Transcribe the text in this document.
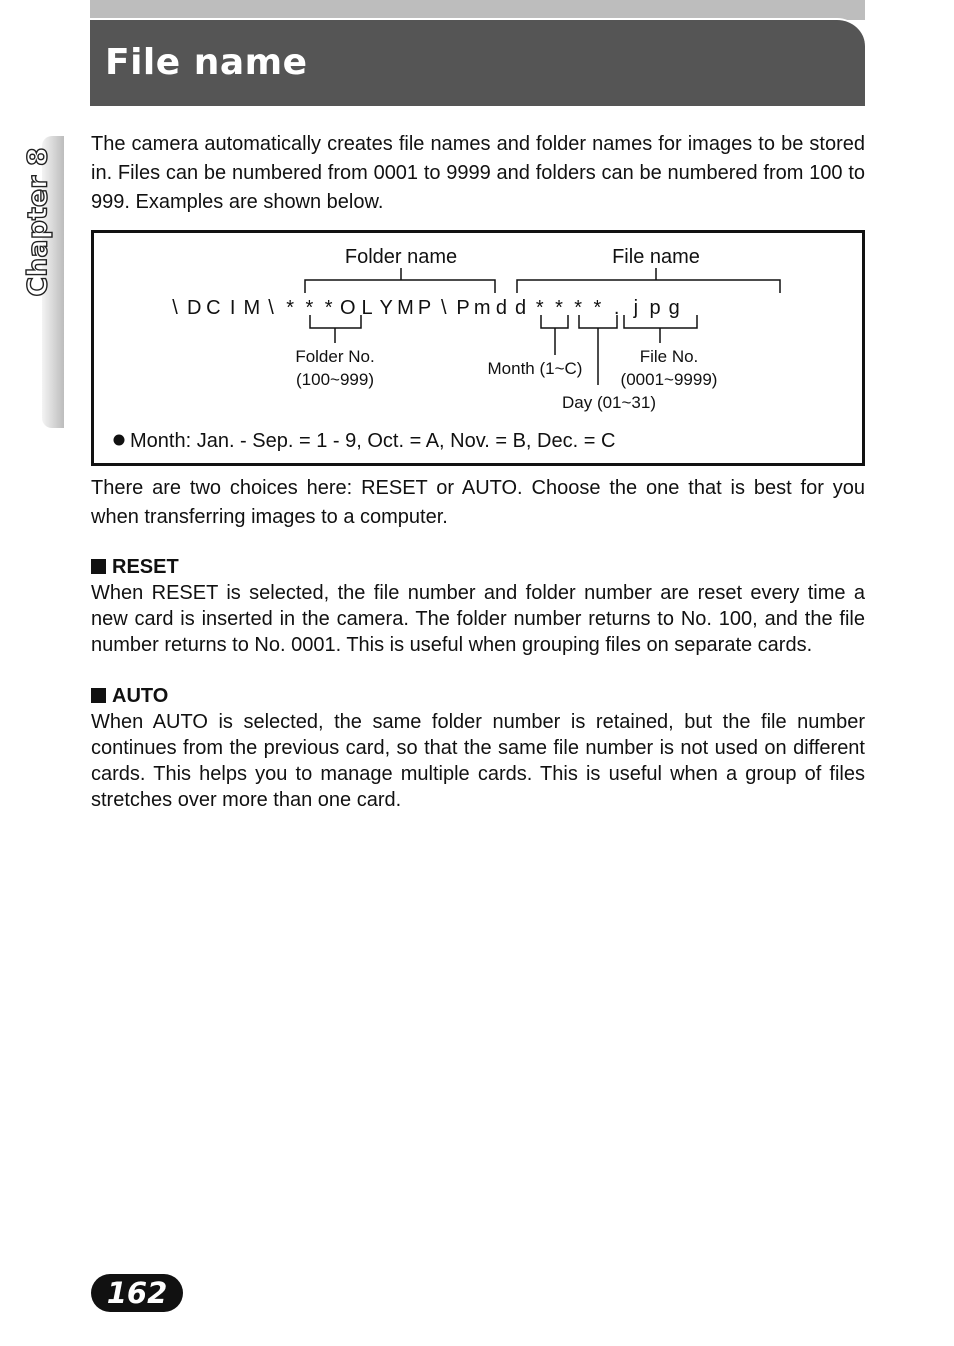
File name
Chapter 8

The camera automatically creates file names and folder names for images to be stored in. Files can be numbered from 0001 to 9999 and folders can be numbered from 100 to 999. Examples are shown below.

Folder name	File name
\ D C I M \ * * * O L Y M P \ P m d d * * * * . j p g
Folder No.
(100~999)
Month (1~C)
File No.
(0001~9999)
Day (01~31)
Month: Jan. - Sep. = 1 - 9, Oct. = A, Nov. = B, Dec. = C

There are two choices here: RESET or AUTO. Choose the one that is best for you when transferring images to a computer.

RESET

When RESET is selected, the file number and folder number are reset every time a new card is inserted in the camera. The folder number returns to No. 100, and the file number returns to No. 0001. This is useful when grouping files on separate cards.

AUTO

When AUTO is selected, the same folder number is retained, but the file number continues from the previous card, so that the same file number is not used on different cards. This helps you to manage multiple cards. This is useful when a group of files stretches over more than one card.

162
